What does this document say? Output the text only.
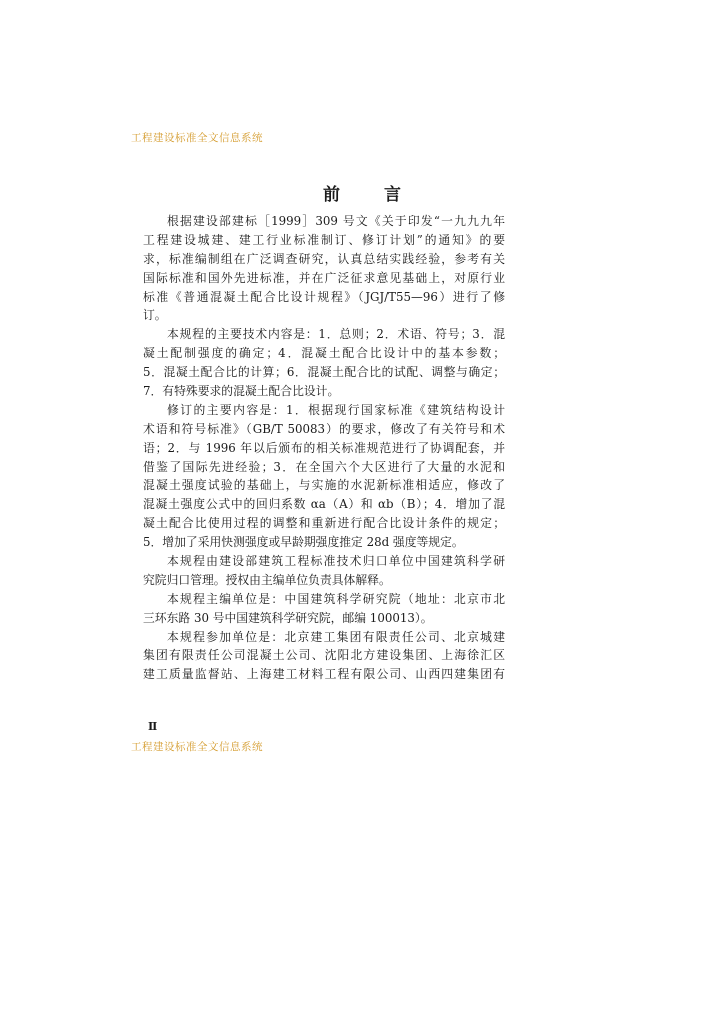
工程建设标准全文信息系统
前言
根据建设部建标［1999］309 号文《关于印发“一九九九年
工程建设城建、建工行业标准制订、修订计划”的通知》的要
求，标准编制组在广泛调查研究，认真总结实践经验，参考有关
国际标准和国外先进标准，并在广泛征求意见基础上，对原行业
标准《普通混凝土配合比设计规程》（JGJ/T55—96）进行了修
订。
本规程的主要技术内容是：1．总则；2．术语、符号；3．混
凝土配制强度的确定；4．混凝土配合比设计中的基本参数；
5．混凝土配合比的计算；6．混凝土配合比的试配、调整与确定；
7．有特殊要求的混凝土配合比设计。
修订的主要内容是：1．根据现行国家标准《建筑结构设计
术语和符号标准》（GB/T 50083）的要求，修改了有关符号和术
语；2．与 1996 年以后颁布的相关标准规范进行了协调配套，并
借鉴了国际先进经验；3．在全国六个大区进行了大量的水泥和
混凝土强度试验的基础上，与实施的水泥新标准相适应，修改了
混凝土强度公式中的回归系数 αa（A）和 αb（B）；4．增加了混
凝土配合比使用过程的调整和重新进行配合比设计条件的规定；
5．增加了采用快测强度或早龄期强度推定 28d 强度等规定。
本规程由建设部建筑工程标准技术归口单位中国建筑科学研
究院归口管理。授权由主编单位负责具体解释。
本规程主编单位是：中国建筑科学研究院（地址：北京市北
三环东路 30 号中国建筑科学研究院，邮编 100013）。
本规程参加单位是：北京建工集团有限责任公司、北京城建
集团有限责任公司混凝土公司、沈阳北方建设集团、上海徐汇区
建工质量监督站、上海建工材料工程有限公司、山西四建集团有
Ⅱ
工程建设标准全文信息系统
